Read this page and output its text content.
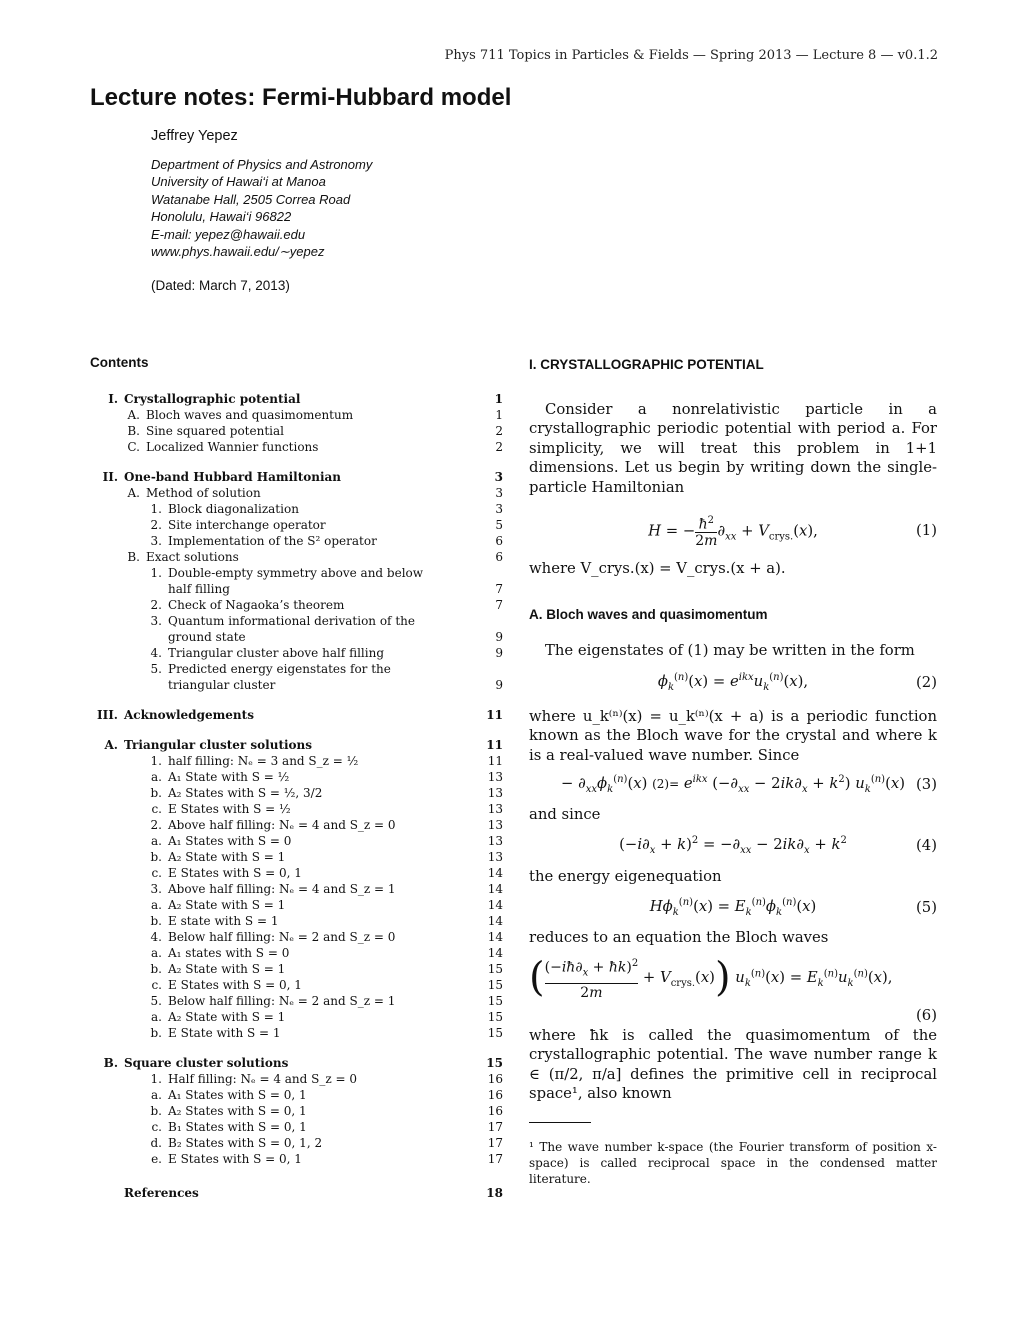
Phys 711 Topics in Particles & Fields — Spring 2013 — Lecture 8 — v0.1.2
Lecture notes: Fermi-Hubbard model
Jeffrey Yepez
Department of Physics and Astronomy
University of Hawai‘i at Manoa
Watanabe Hall, 2505 Correa Road
Honolulu, Hawai‘i 96822
E-mail: yepez@hawaii.edu
www.phys.hawaii.edu/∼yepez
(Dated: March 7, 2013)
Contents
I. Crystallographic potential	1
A. Bloch waves and quasimomentum	1
B. Sine squared potential	2
C. Localized Wannier functions	2
II. One-band Hubbard Hamiltonian	3
A. Method of solution	3
1. Block diagonalization	3
2. Site interchange operator	5
3. Implementation of the S² operator	6
B. Exact solutions	6
1. Double-empty symmetry above and below half filling	7
2. Check of Nagaoka’s theorem	7
3. Quantum informational derivation of the ground state	9
4. Triangular cluster above half filling	9
5. Predicted energy eigenstates for the triangular cluster	9
III. Acknowledgements	11
A. Triangular cluster solutions	11
1. half filling: Nₑ = 3 and S_z = ½	11
a. A₁ State with S = ½	13
b. A₂ States with S = ½, 3/2	13
c. E States with S = ½	13
2. Above half filling: Nₑ = 4 and S_z = 0	13
a. A₁ States with S = 0	13
b. A₂ State with S = 1	13
c. E States with S = 0, 1	14
3. Above half filling: Nₑ = 4 and S_z = 1	14
a. A₂ State with S = 1	14
b. E state with S = 1	14
4. Below half filling: Nₑ = 2 and S_z = 0	14
a. A₁ states with S = 0	14
b. A₂ State with S = 1	15
c. E States with S = 0, 1	15
5. Below half filling: Nₑ = 2 and S_z = 1	15
a. A₂ State with S = 1	15
b. E State with S = 1	15
B. Square cluster solutions	15
1. Half filling: Nₑ = 4 and S_z = 0	16
a. A₁ States with S = 0, 1	16
b. A₂ States with S = 0, 1	16
c. B₁ States with S = 0, 1	17
d. B₂ States with S = 0, 1, 2	17
e. E States with S = 0, 1	17
References	18
I. CRYSTALLOGRAPHIC POTENTIAL

Consider a nonrelativistic particle in a crystallographic periodic potential with period a. For simplicity, we will treat this problem in 1+1 dimensions. Let us begin by writing down the single-particle Hamiltonian

H = − $\frac{ħ^2}{2m} \partial_{xx} + V_{crys.}(x)$,	(1)

where V_crys.(x) = V_crys.(x + a).

A. Bloch waves and quasimomentum

The eigenstates of (1) may be written in the form

$\phi_k^{(n)}(x) = e^{ikx}u_k^{(n)}(x)$,	(2)

where u_k⁽ⁿ⁾(x) = u_k⁽ⁿ⁾(x + a) is a periodic function known as the Bloch wave for the crystal and where k is a real-valued wave number. Since

− $\partial_{xx}\phi_k^{(n)}(x)$ $(2)= e^{ikx}$ $(-\partial_{xx} - 2ik\partial_x + k^2)$ $u_k^{(n)}(x)$ (3)

and since

$(-i\partial_x + k)^2 = -\partial_{xx} - 2ik\partial_x + k^2$	(4)

the energy eigenequation

$H\phi_k^{(n)}(x) = E_k^{(n)}\phi_k^{(n)}(x)$	(5)

reduces to an equation the Bloch waves

( $\frac{(-iħ\partial_x + ħk)^2}{2m} + V_{crys.}(x)$) $u_k^{(n)}(x) = E_k^{(n)}u_k^{(n)}(x)$,
(6)

where ħk is called the quasimomentum of the crystallographic potential. The wave number range k ∈ (π/2, π/a] defines the primitive cell in reciprocal space¹, also known

¹ The wave number k-space (the Fourier transform of position x-space) is called reciprocal space in the condensed matter literature.
